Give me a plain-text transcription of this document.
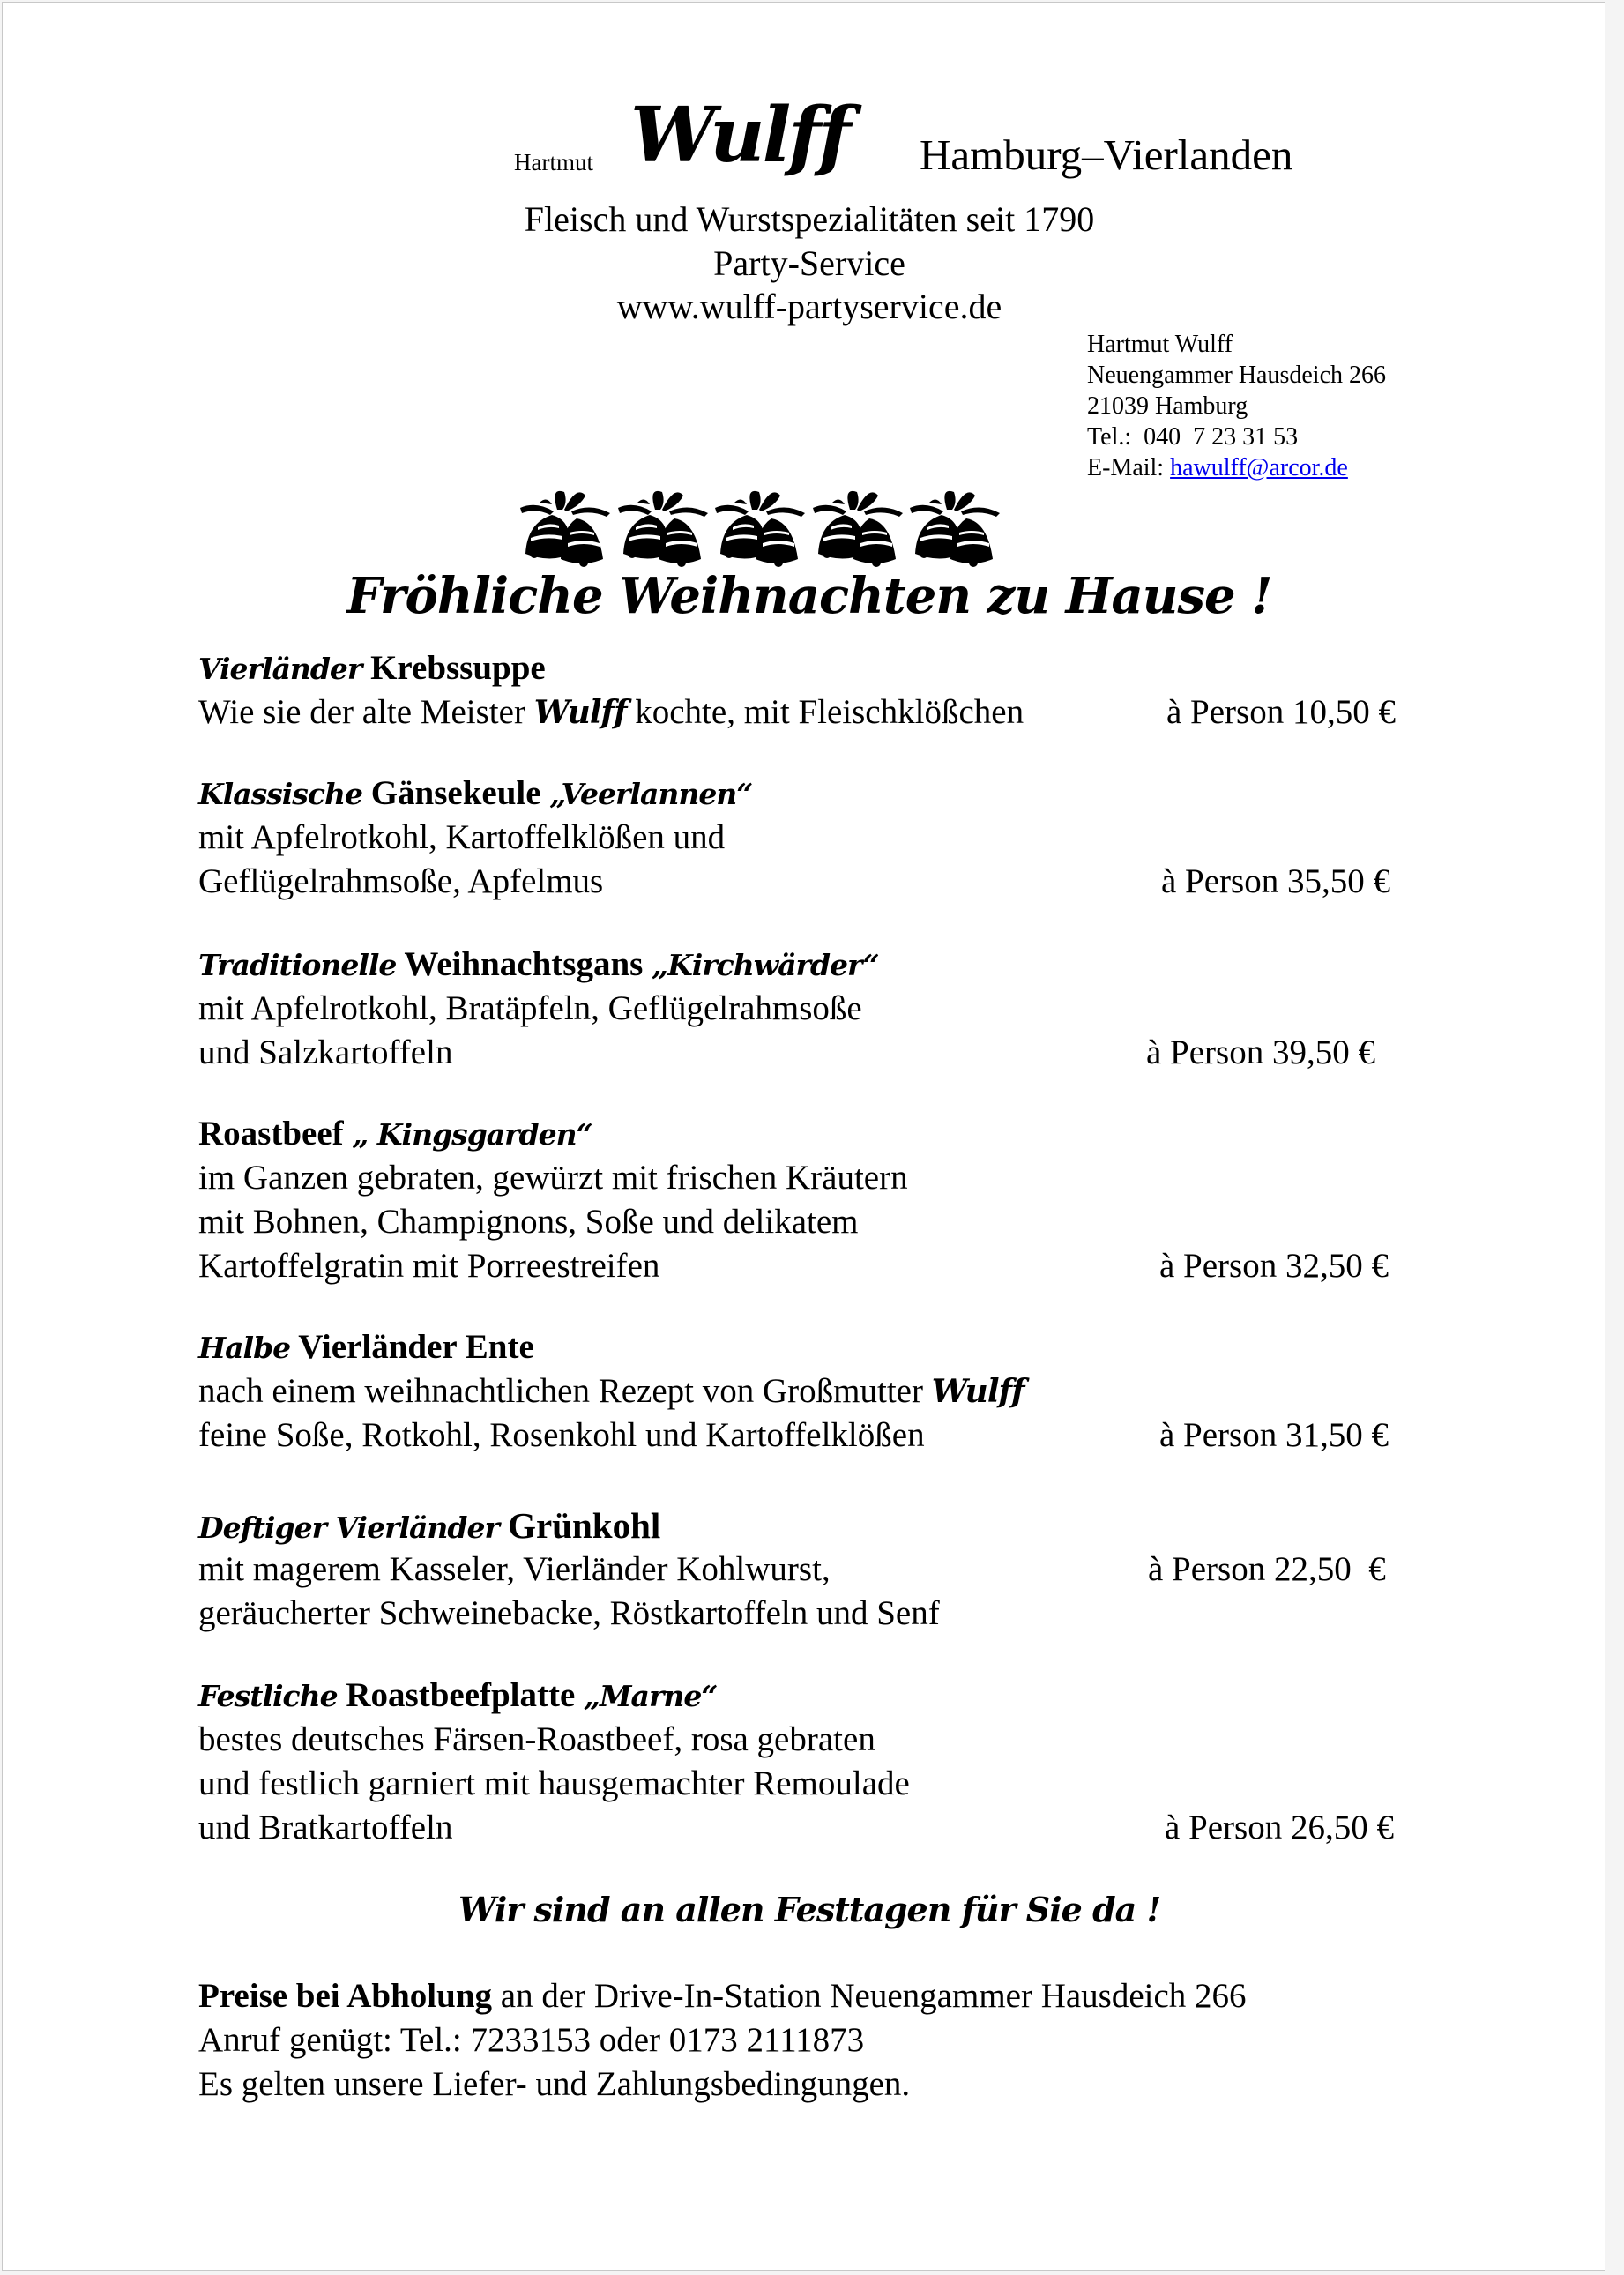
Hartmut Wulff Hamburg–Vierlanden
Fleisch und Wurstspezialitäten seit 1790
Party-Service
www.wulff-partyservice.de
Hartmut Wulff
Neuengammer Hausdeich 266
21039 Hamburg
Tel.:  040  7 23 31 53
E-Mail: hawulff@arcor.de
Fröhliche Weihnachten zu Hause !
Vierländer Krebssuppe
Wie sie der alte Meister Wulff kochte, mit Fleischklößchen	à Person 10,50 €
Klassische Gänsekeule „Veerlannen“
mit Apfelrotkohl, Kartoffelklößen und
Geflügelrahmsoße, Apfelmus	à Person 35,50 €
Traditionelle Weihnachtsgans „Kirchwärder“
mit Apfelrotkohl, Bratäpfeln, Geflügelrahmsoße
und Salzkartoffeln	à Person 39,50 €
Roastbeef „ Kingsgarden“
im Ganzen gebraten, gewürzt mit frischen Kräutern
mit Bohnen, Champignons, Soße und delikatem
Kartoffelgratin mit Porreestreifen	à Person 32,50 €
Halbe Vierländer Ente
nach einem weihnachtlichen Rezept von Großmutter Wulff
feine Soße, Rotkohl, Rosenkohl und Kartoffelklößen	à Person 31,50 €
Deftiger Vierländer Grünkohl
mit magerem Kasseler, Vierländer Kohlwurst,	à Person 22,50  €
geräucherter Schweinebacke, Röstkartoffeln und Senf
Festliche Roastbeefplatte „Marne“
bestes deutsches Färsen-Roastbeef, rosa gebraten
und festlich garniert mit hausgemachter Remoulade
und Bratkartoffeln	à Person 26,50 €
Wir sind an allen Festtagen für Sie da !
Preise bei Abholung an der Drive-In-Station Neuengammer Hausdeich 266
Anruf genügt: Tel.: 7233153 oder 0173 2111873
Es gelten unsere Liefer- und Zahlungsbedingungen.
